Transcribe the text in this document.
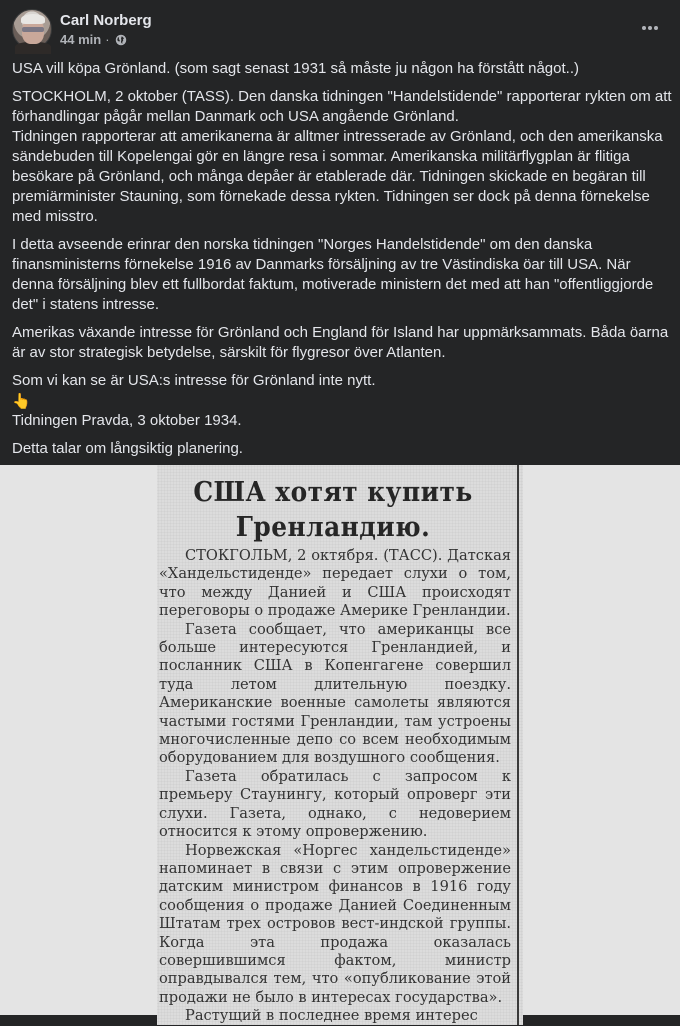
Carl Norberg
44 min ·

USA vill köpa Grönland. (som sagt senast 1931 så måste ju någon ha förstått något..)

STOCKHOLM, 2 oktober (TASS). Den danska tidningen "Handelstidende" rapporterar rykten om att förhandlingar pågår mellan Danmark och USA angående Grönland.

Tidningen rapporterar att amerikanerna är alltmer intresserade av Grönland, och den amerikanska sändebuden till Kopelengai gör en längre resa i sommar. Amerikanska militärflygplan är flitiga besökare på Grönland, och många depåer är etablerade där. Tidningen skickade en begäran till premiärminister Stauning, som förnekade dessa rykten. Tidningen ser dock på denna förnekelse med misstro.

I detta avseende erinrar den norska tidningen "Norges Handelstidende" om den danska finansministerns förnekelse 1916 av Danmarks försäljning av tre Västindiska öar till USA. När denna försäljning blev ett fullbordat faktum, motiverade ministern det med att han "offentliggjorde det" i statens intresse.

Amerikas växande intresse för Grönland och England för Island har uppmärksammats. Båda öarna är av stor strategisk betydelse, särskilt för flygresor över Atlanten.

Som vi kan se är USA:s intresse för Grönland inte nytt.

👆

Tidningen Pravda, 3 oktober 1934.

Detta talar om långsiktig planering.

США хотят купить
Гренландию.

СТОКГОЛЬМ, 2 октября. (ТАСС). Датская «Хандельстиденде» передает слухи о том, что между Данией и США происходят переговоры о продаже Америке Гренландии.

Газета сообщает, что американцы все больше интересуются Гренландией, и посланник США в Копенгагене совершил туда летом длительную поездку. Американские военные самолеты являются частыми гостями Гренландии, там устроены многочисленные депо со всем необходимым оборудованием для воздушного сообщения.

Газета обратилась с запросом к премьеру Стаунингу, который опроверг эти слухи. Газета, однако, с недоверием относится к этому опровержению.

Норвежская «Норгес хандельстиденде» напоминает в связи с этим опровержение датским министром финансов в 1916 году сообщения о продаже Данией Соединенным Штатам трех островов вест-индской группы. Когда эта продажа оказалась совершившимся фактом, министр оправдывался тем, что «опубликование этой продажи не было в интересах государства».

Растущий в последнее время интерес
